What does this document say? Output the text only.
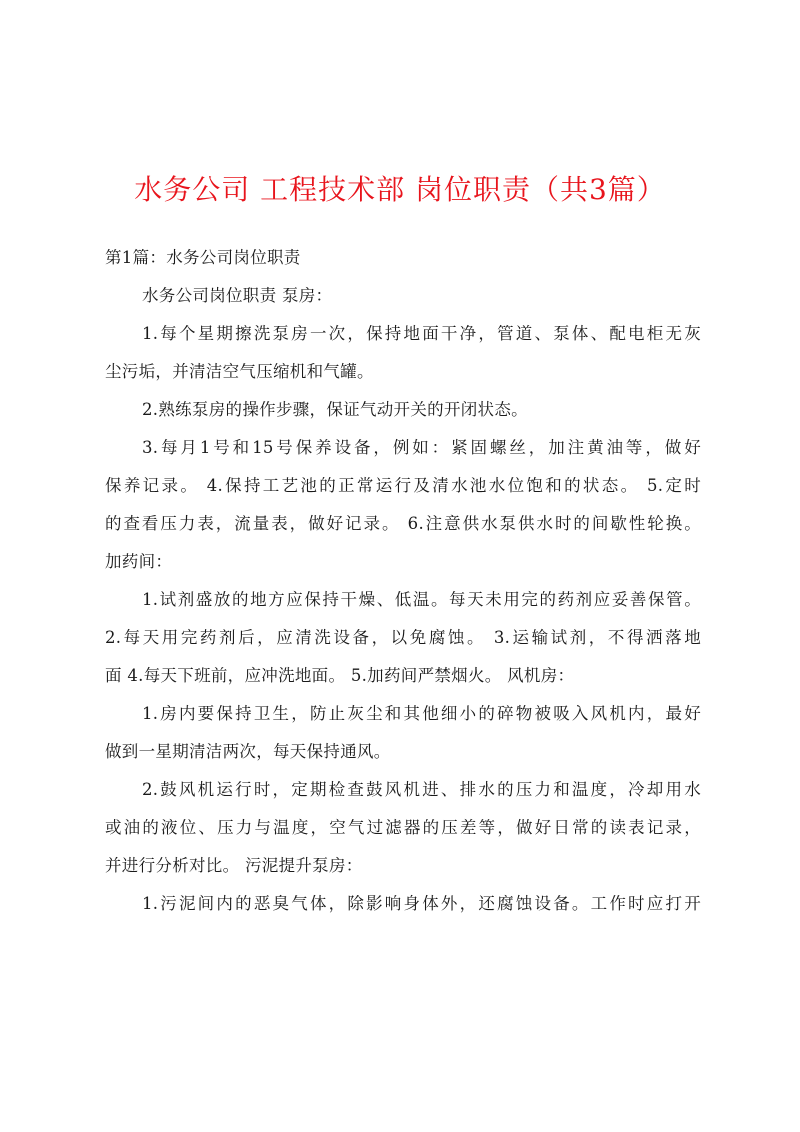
水务公司 工程技术部 岗位职责（共3篇）
第1篇：水务公司岗位职责
水务公司岗位职责 泵房：
1.每个星期擦洗泵房一次，保持地面干净，管道、泵体、配电柜无灰
尘污垢，并清洁空气压缩机和气罐。
2.熟练泵房的操作步骤，保证气动开关的开闭状态。
3.每月1号和15号保养设备，例如：紧固螺丝，加注黄油等，做好
保养记录。 4.保持工艺池的正常运行及清水池水位饱和的状态。 5.定时
的查看压力表，流量表，做好记录。 6.注意供水泵供水时的间歇性轮换。
加药间：
1.试剂盛放的地方应保持干燥、低温。每天未用完的药剂应妥善保管。
2.每天用完药剂后，应清洗设备，以免腐蚀。 3.运输试剂，不得洒落地
面 4.每天下班前，应冲洗地面。 5.加药间严禁烟火。 风机房：
1.房内要保持卫生，防止灰尘和其他细小的碎物被吸入风机内，最好
做到一星期清洁两次，每天保持通风。
2.鼓风机运行时，定期检查鼓风机进、排水的压力和温度，冷却用水
或油的液位、压力与温度，空气过滤器的压差等，做好日常的读表记录，
并进行分析对比。 污泥提升泵房：
1.污泥间内的恶臭气体，除影响身体外，还腐蚀设备。工作时应打开
